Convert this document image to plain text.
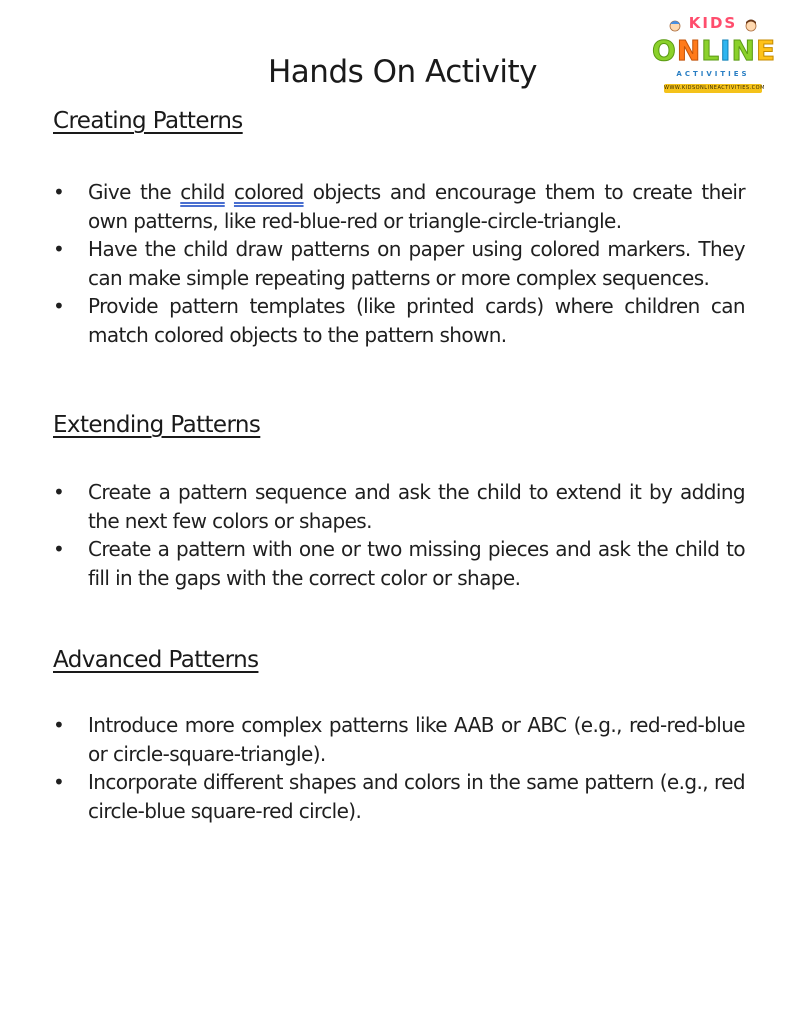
KIDS
ONLINE
ACTIVITIES
WWW.KIDSONLINEACTIVITIES.COM
Hands On Activity
Creating Patterns
• Give the child colored objects and encourage them to create their own patterns, like red-blue-red or triangle-circle-triangle.
• Have the child draw patterns on paper using colored markers. They can make simple repeating patterns or more complex sequences.
• Provide pattern templates (like printed cards) where children can match colored objects to the pattern shown.
Extending Patterns
• Create a pattern sequence and ask the child to extend it by adding the next few colors or shapes.
• Create a pattern with one or two missing pieces and ask the child to fill in the gaps with the correct color or shape.
Advanced Patterns
• Introduce more complex patterns like AAB or ABC (e.g., red-red-blue or circle-square-triangle).
• Incorporate different shapes and colors in the same pattern (e.g., red circle-blue square-red circle).
